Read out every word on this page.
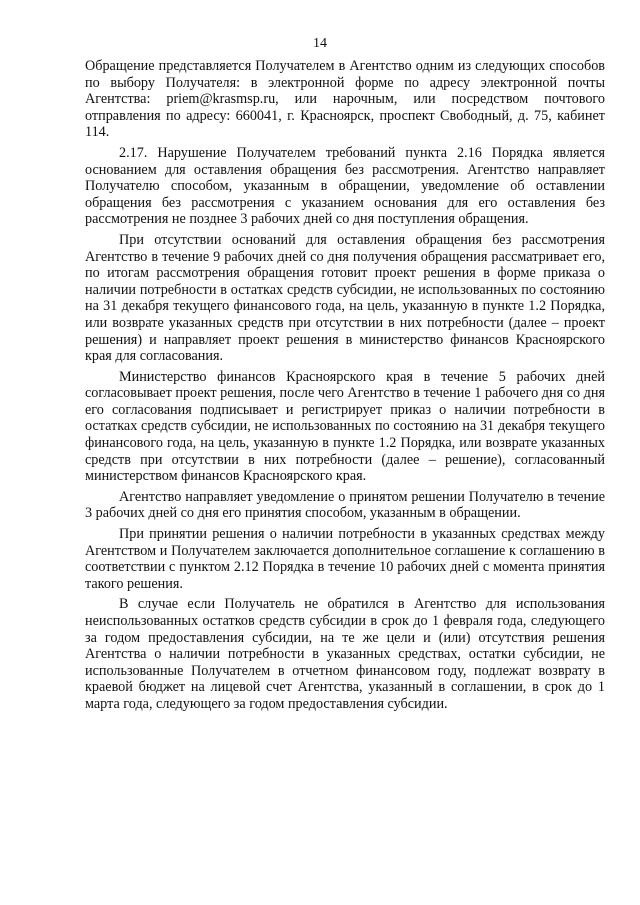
14

Обращение представляется Получателем в Агентство одним из следующих способов по выбору Получателя: в электронной форме по адресу электронной почты Агентства: priem@krasmsp.ru, или нарочным, или посредством почтового отправления по адресу: 660041, г. Красноярск, проспект Свободный, д. 75, кабинет 114.

2.17. Нарушение Получателем требований пункта 2.16 Порядка является основанием для оставления обращения без рассмотрения. Агентство направляет Получателю способом, указанным в обращении, уведомление об оставлении обращения без рассмотрения с указанием основания для его оставления без рассмотрения не позднее 3 рабочих дней со дня поступления обращения.

При отсутствии оснований для оставления обращения без рассмотрения Агентство в течение 9 рабочих дней со дня получения обращения рассматривает его, по итогам рассмотрения обращения готовит проект решения в форме приказа о наличии потребности в остатках средств субсидии, не использованных по состоянию на 31 декабря текущего финансового года, на цель, указанную в пункте 1.2 Порядка, или возврате указанных средств при отсутствии в них потребности (далее – проект решения) и направляет проект решения в министерство финансов Красноярского края для согласования.

Министерство финансов Красноярского края в течение 5 рабочих дней согласовывает проект решения, после чего Агентство в течение 1 рабочего дня со дня его согласования подписывает и регистрирует приказ о наличии потребности в остатках средств субсидии, не использованных по состоянию на 31 декабря текущего финансового года, на цель, указанную в пункте 1.2 Порядка, или возврате указанных средств при отсутствии в них потребности (далее – решение), согласованный министерством финансов Красноярского края.

Агентство направляет уведомление о принятом решении Получателю в течение 3 рабочих дней со дня его принятия способом, указанным в обращении.

При принятии решения о наличии потребности в указанных средствах между Агентством и Получателем заключается дополнительное соглашение к соглашению в соответствии с пунктом 2.12 Порядка в течение 10 рабочих дней с момента принятия такого решения.

В случае если Получатель не обратился в Агентство для использования неиспользованных остатков средств субсидии в срок до 1 февраля года, следующего за годом предоставления субсидии, на те же цели и (или) отсутствия решения Агентства о наличии потребности в указанных средствах, остатки субсидии, не использованные Получателем в отчетном финансовом году, подлежат возврату в краевой бюджет на лицевой счет Агентства, указанный в соглашении, в срок до 1 марта года, следующего за годом предоставления субсидии.
